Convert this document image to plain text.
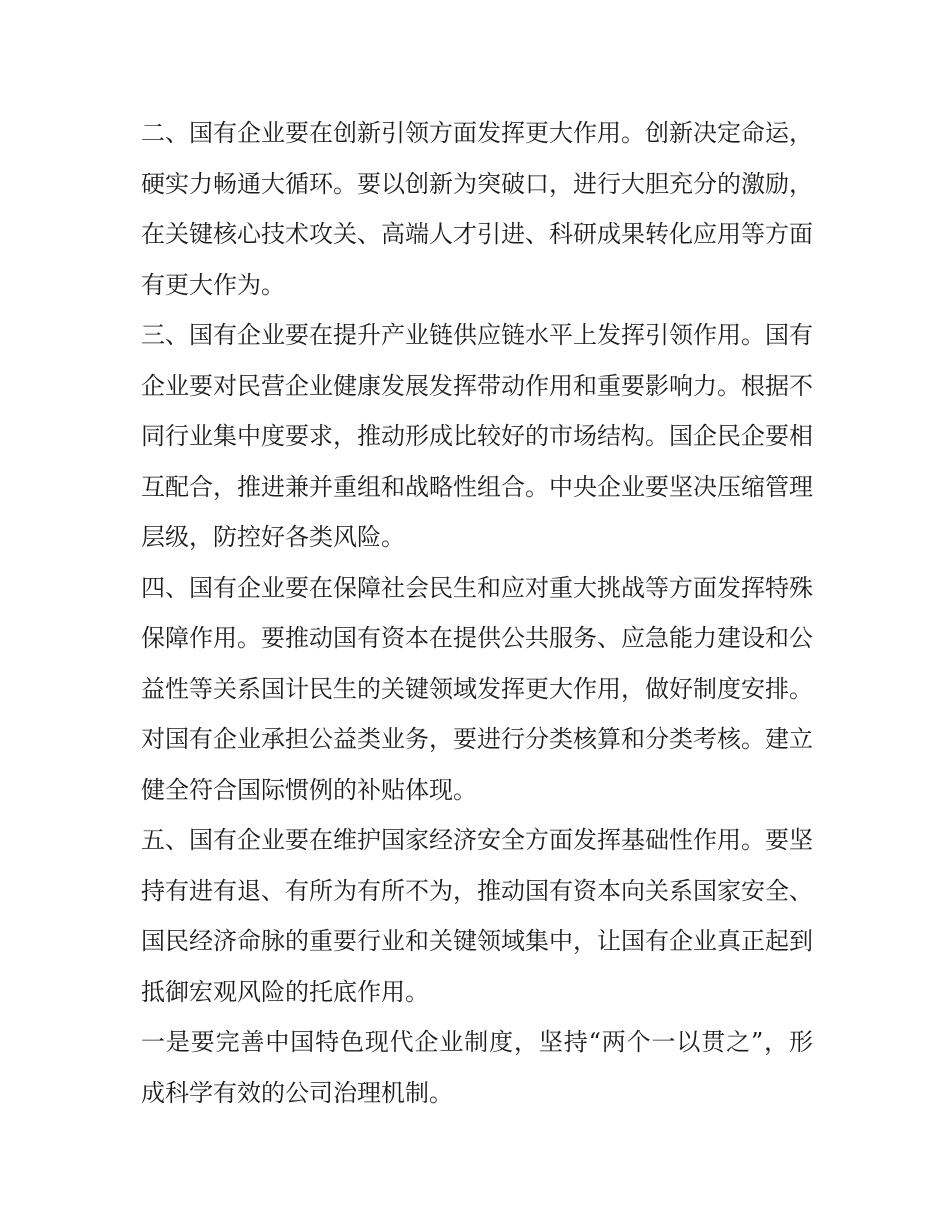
二、国有企业要在创新引领方面发挥更大作用。创新决定命运，硬实力畅通大循环。要以创新为突破口，进行大胆充分的激励，在关键核心技术攻关、高端人才引进、科研成果转化应用等方面有更大作为。

三、国有企业要在提升产业链供应链水平上发挥引领作用。国有企业要对民营企业健康发展发挥带动作用和重要影响力。根据不同行业集中度要求，推动形成比较好的市场结构。国企民企要相互配合，推进兼并重组和战略性组合。中央企业要坚决压缩管理层级，防控好各类风险。

四、国有企业要在保障社会民生和应对重大挑战等方面发挥特殊保障作用。要推动国有资本在提供公共服务、应急能力建设和公益性等关系国计民生的关键领域发挥更大作用，做好制度安排。对国有企业承担公益类业务，要进行分类核算和分类考核。建立健全符合国际惯例的补贴体现。

五、国有企业要在维护国家经济安全方面发挥基础性作用。要坚持有进有退、有所为有所不为，推动国有资本向关系国家安全、国民经济命脉的重要行业和关键领域集中，让国有企业真正起到抵御宏观风险的托底作用。

一是要完善中国特色现代企业制度，坚持“两个一以贯之”，形成科学有效的公司治理机制。
